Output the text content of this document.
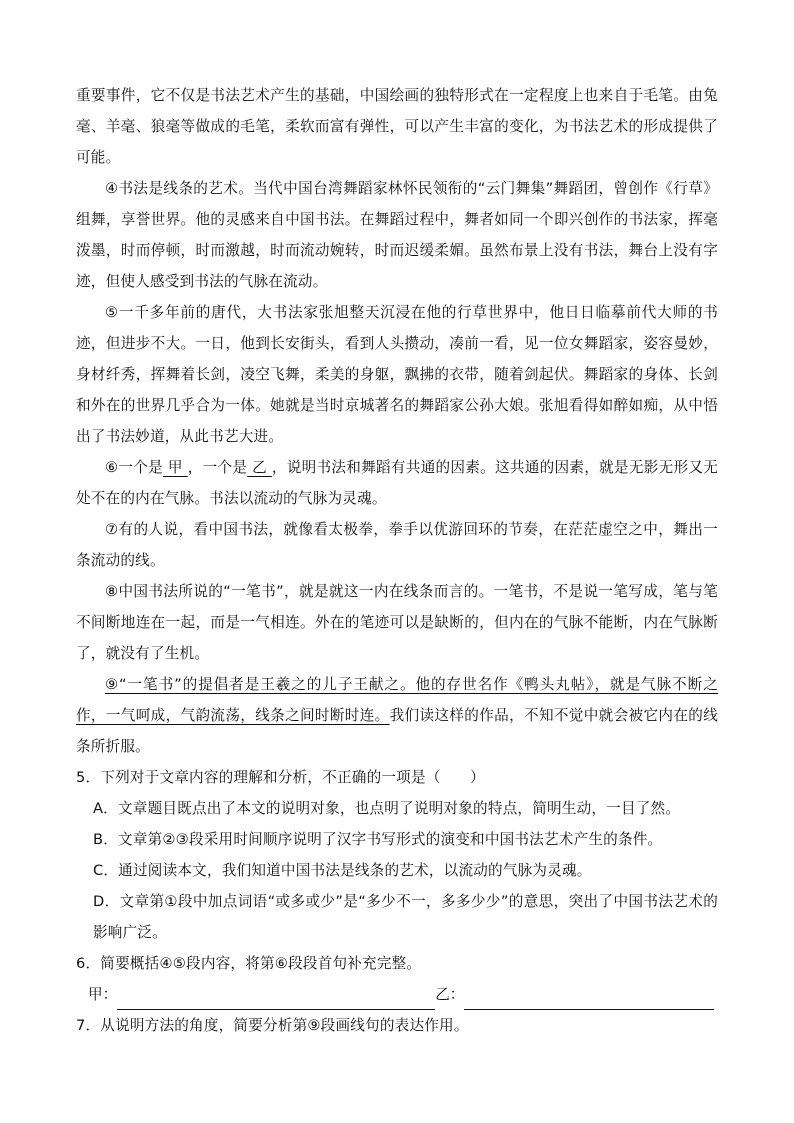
重要事件，它不仅是书法艺术产生的基础，中国绘画的独特形式在一定程度上也来自于毛笔。由兔毫、羊毫、狼毫等做成的毛笔，柔软而富有弹性，可以产生丰富的变化，为书法艺术的形成提供了可能。

④书法是线条的艺术。当代中国台湾舞蹈家林怀民领衔的“云门舞集”舞蹈团，曾创作《行草》组舞，享誉世界。他的灵感来自中国书法。在舞蹈过程中，舞者如同一个即兴创作的书法家，挥毫泼墨，时而停顿，时而激越，时而流动婉转，时而迟缓柔媚。虽然布景上没有书法，舞台上没有字迹，但使人感受到书法的气脉在流动。

⑤一千多年前的唐代，大书法家张旭整天沉浸在他的行草世界中，他日日临摹前代大师的书迹，但进步不大。一日，他到长安街头，看到人头攒动，凑前一看，见一位女舞蹈家，姿容曼妙，身材纤秀，挥舞着长剑，凌空飞舞，柔美的身躯，飘拂的衣带，随着剑起伏。舞蹈家的身体、长剑和外在的世界几乎合为一体。她就是当时京城著名的舞蹈家公孙大娘。张旭看得如醉如痴，从中悟出了书法妙道，从此书艺大进。

⑥一个是 甲 ，一个是 乙 ，说明书法和舞蹈有共通的因素。这共通的因素，就是无影无形又无处不在的内在气脉。书法以流动的气脉为灵魂。

⑦有的人说，看中国书法，就像看太极拳，拳手以优游回环的节奏，在茫茫虚空之中，舞出一条流动的线。

⑧中国书法所说的“一笔书”，就是就这一内在线条而言的。一笔书，不是说一笔写成，笔与笔不间断地连在一起，而是一气相连。外在的笔迹可以是缺断的，但内在的气脉不能断，内在气脉断了，就没有了生机。

⑨“一笔书”的提倡者是王羲之的儿子王献之。他的存世名作《鸭头丸帖》，就是气脉不断之作，一气呵成，气韵流荡，线条之间时断时连。我们读这样的作品，不知不觉中就会被它内在的线条所折服。

5．下列对于文章内容的理解和分析，不正确的一项是（　　）

A．文章题目既点出了本文的说明对象，也点明了说明对象的特点，简明生动，一目了然。

B．文章第②③段采用时间顺序说明了汉字书写形式的演变和中国书法艺术产生的条件。

C．通过阅读本文，我们知道中国书法是线条的艺术，以流动的气脉为灵魂。

D．文章第①段中加点词语“或多或少”是“多少不一，多多少少”的意思，突出了中国书法艺术的影响广泛。

6．简要概括④⑤段内容，将第⑥段段首句补充完整。

甲：	乙：

7．从说明方法的角度，简要分析第⑨段画线句的表达作用。
